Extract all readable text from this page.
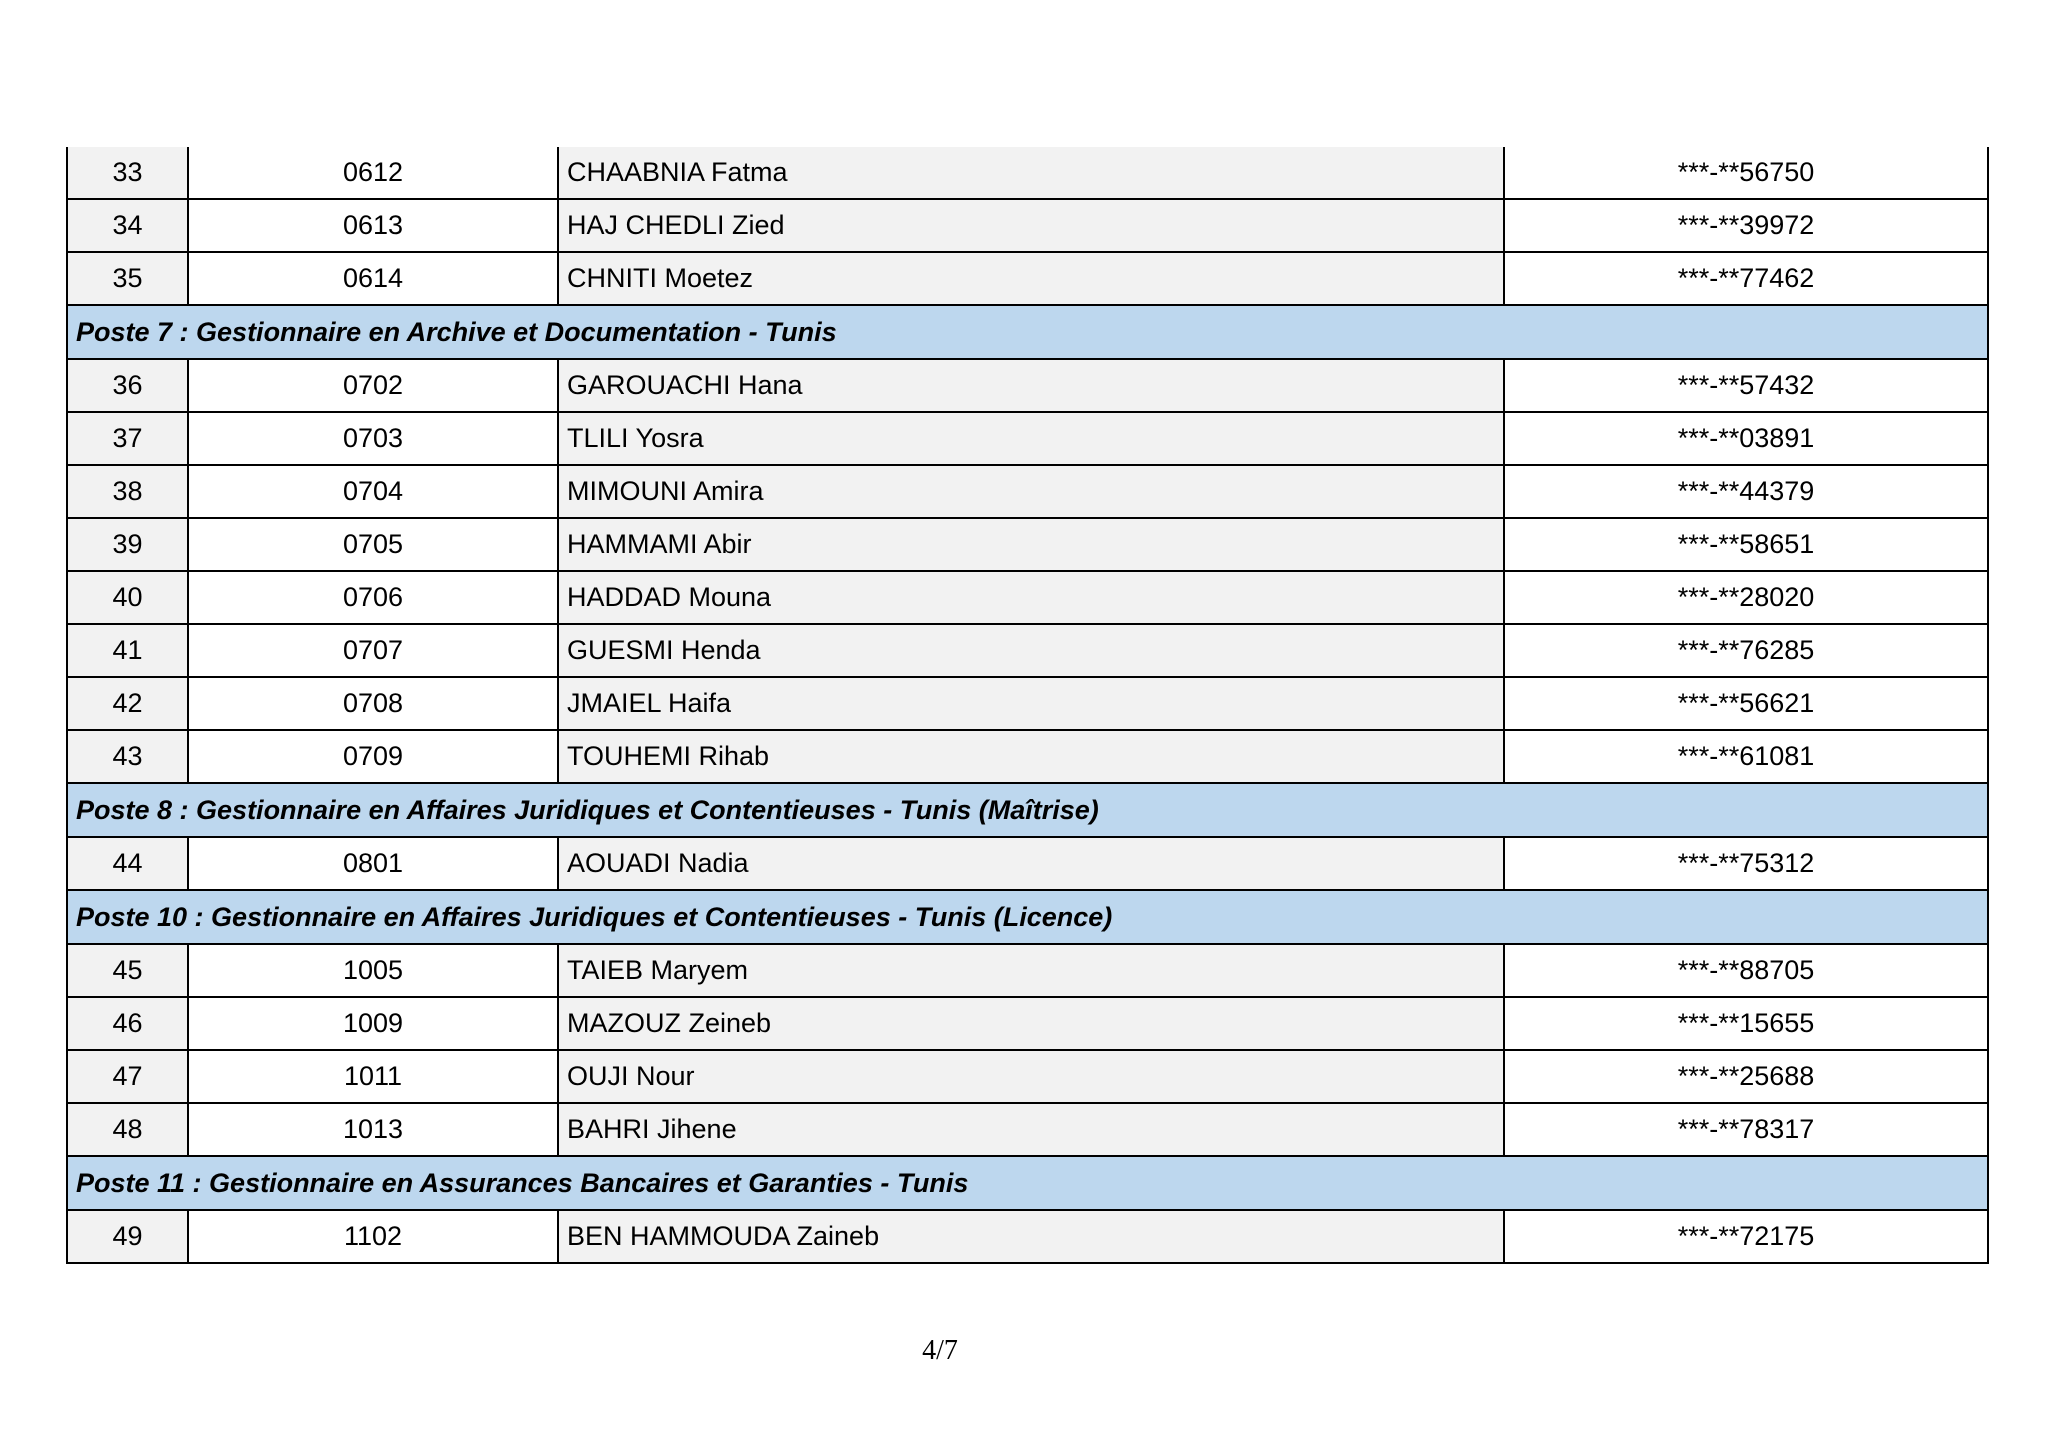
33	0612	CHAABNIA Fatma	***-**56750
34	0613	HAJ CHEDLI Zied	***-**39972
35	0614	CHNITI Moetez	***-**77462
Poste 7 : Gestionnaire en Archive et Documentation - Tunis			
36	0702	GAROUACHI Hana	***-**57432
37	0703	TLILI Yosra	***-**03891
38	0704	MIMOUNI Amira	***-**44379
39	0705	HAMMAMI Abir	***-**58651
40	0706	HADDAD Mouna	***-**28020
41	0707	GUESMI Henda	***-**76285
42	0708	JMAIEL Haifa	***-**56621
43	0709	TOUHEMI Rihab	***-**61081
Poste 8 : Gestionnaire en Affaires Juridiques et Contentieuses - Tunis (Maîtrise)			
44	0801	AOUADI Nadia	***-**75312
Poste 10 : Gestionnaire en Affaires Juridiques et Contentieuses - Tunis (Licence)			
45	1005	TAIEB Maryem	***-**88705
46	1009	MAZOUZ Zeineb	***-**15655
47	1011	OUJI Nour	***-**25688
48	1013	BAHRI Jihene	***-**78317
Poste 11 : Gestionnaire en Assurances Bancaires et Garanties - Tunis			
49	1102	BEN HAMMOUDA Zaineb	***-**72175
4/7
